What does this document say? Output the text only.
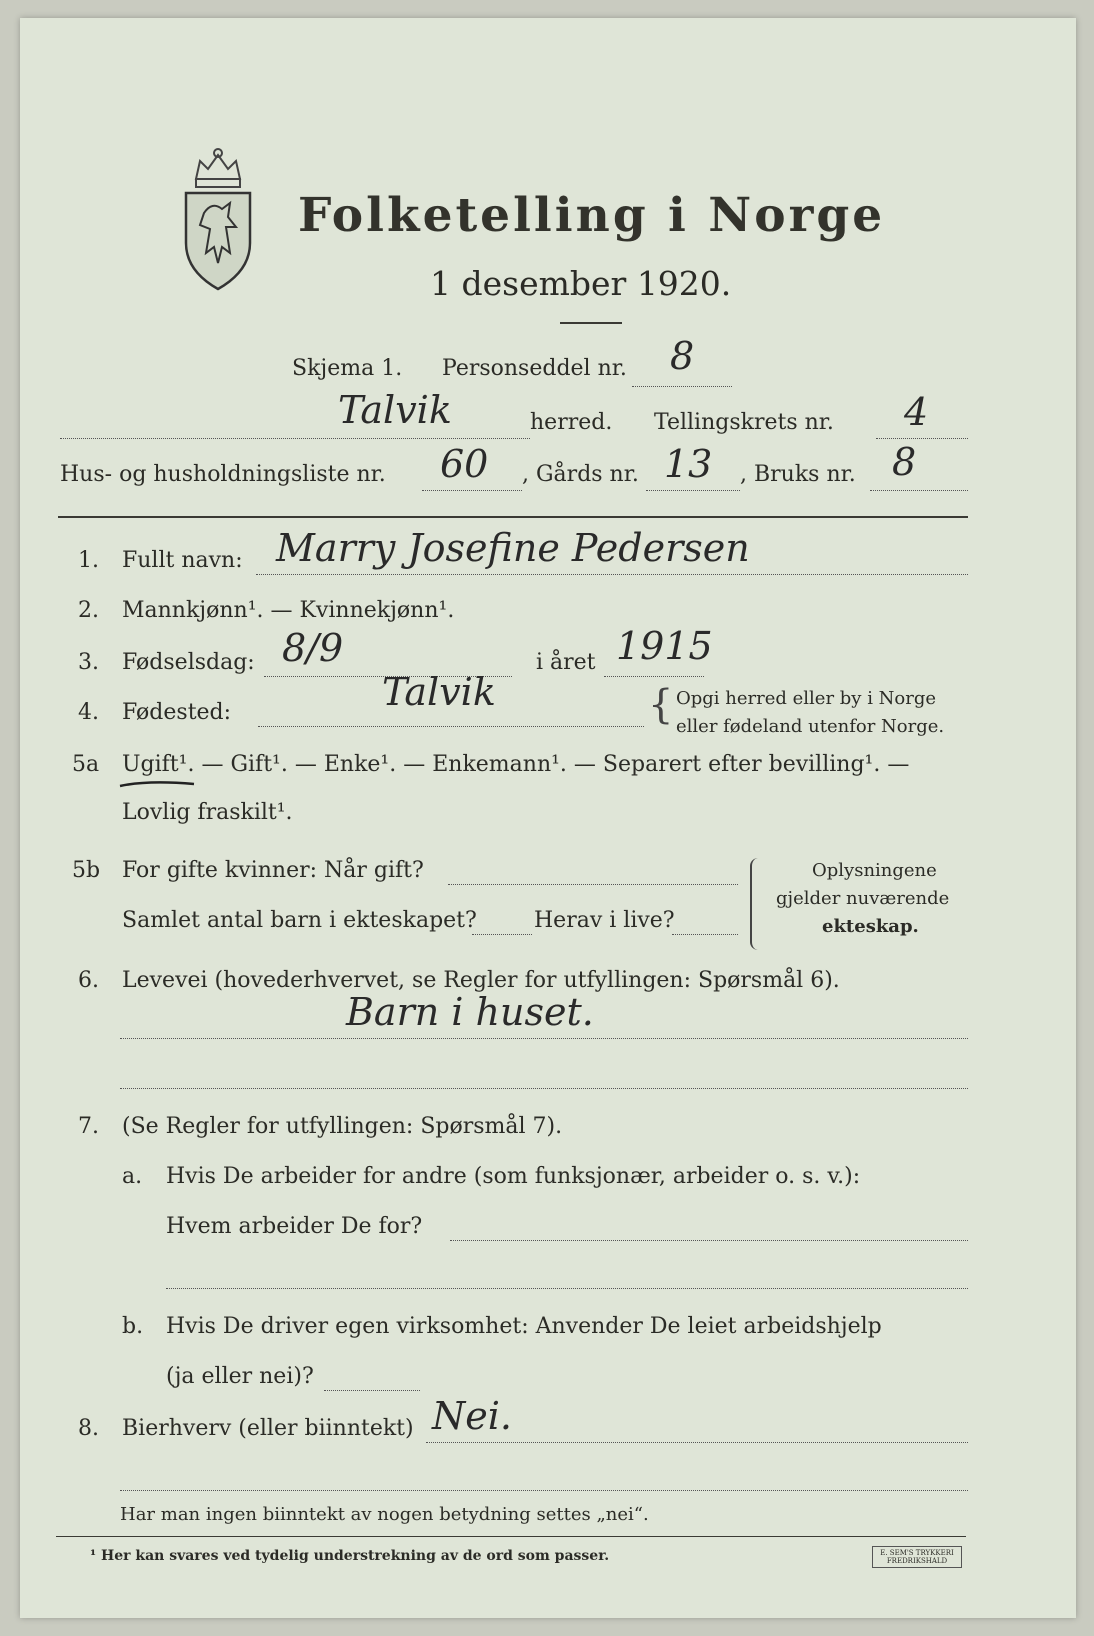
Folketelling i Norge
1 desember 1920.
Skjema 1. Personseddel nr. 8
Talvik	herred. Tellingskrets nr. 4
Hus- og husholdningsliste nr. 60 , Gårds nr. 13 , Bruks nr. 8
1. Fullt navn: Marry Josefine Pedersen
2. Mannkjønn¹. — Kvinnekjønn¹.
3. Fødselsdag: 8/9	i året 1915
4. Fødested:	Talvik	{ Opgi herred eller by i Norge
eller fødeland utenfor Norge.
5a Ugift¹. — Gift¹. — Enke¹. — Enkemann¹. — Separert efter bevilling¹. —
Lovlig fraskilt¹.
5b For gifte kvinner: Når gift?
Samlet antal barn i ekteskapet?	Herav i live?
Oplysningene
gjelder nuværende
ekteskap.
6. Levevei (hovederhvervet, se Regler for utfyllingen: Spørsmål 6).
Barn i huset.
7. (Se Regler for utfyllingen: Spørsmål 7).
a. Hvis De arbeider for andre (som funksjonær, arbeider o. s. v.):
Hvem arbeider De for?
b. Hvis De driver egen virksomhet: Anvender De leiet arbeidshjelp
(ja eller nei)?
8. Bierhverv (eller biinntekt) Nei.
Har man ingen biinntekt av nogen betydning settes „nei“.
¹ Her kan svares ved tydelig understrekning av de ord som passer.	E. SEM'S TRYKKERI FREDRIKSHALD
